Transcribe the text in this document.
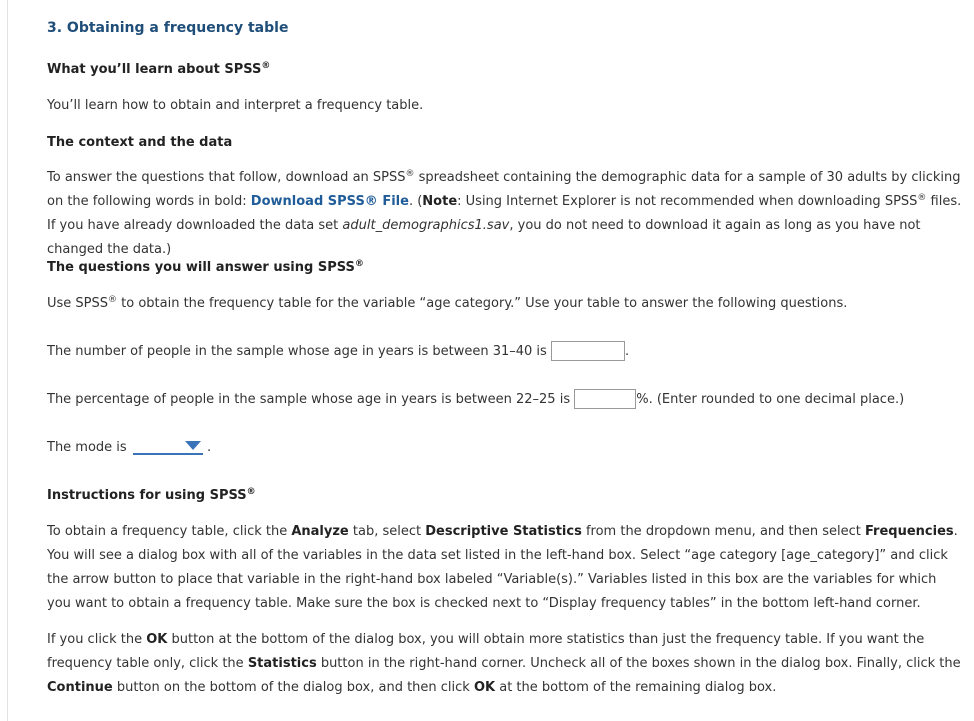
3. Obtaining a frequency table
What you’ll learn about SPSS®
You’ll learn how to obtain and interpret a frequency table.
The context and the data
To answer the questions that follow, download an SPSS® spreadsheet containing the demographic data for a sample of 30 adults by clicking on the following words in bold: Download SPSS® File. (Note: Using Internet Explorer is not recommended when downloading SPSS® files. If you have already downloaded the data set adult_demographics1.sav, you do not need to download it again as long as you have not changed the data.)
The questions you will answer using SPSS®
Use SPSS® to obtain the frequency table for the variable “age category.” Use your table to answer the following questions.
The number of people in the sample whose age in years is between 31–40 is	.
The percentage of people in the sample whose age in years is between 22–25 is	%. (Enter rounded to one decimal place.)
The mode is	.
Instructions for using SPSS®
To obtain a frequency table, click the Analyze tab, select Descriptive Statistics from the dropdown menu, and then select Frequencies. You will see a dialog box with all of the variables in the data set listed in the left-hand box. Select “age category [age_category]” and click the arrow button to place that variable in the right-hand box labeled “Variable(s).” Variables listed in this box are the variables for which you want to obtain a frequency table. Make sure the box is checked next to “Display frequency tables” in the bottom left-hand corner.
If you click the OK button at the bottom of the dialog box, you will obtain more statistics than just the frequency table. If you want the frequency table only, click the Statistics button in the right-hand corner. Uncheck all of the boxes shown in the dialog box. Finally, click the Continue button on the bottom of the dialog box, and then click OK at the bottom of the remaining dialog box.
